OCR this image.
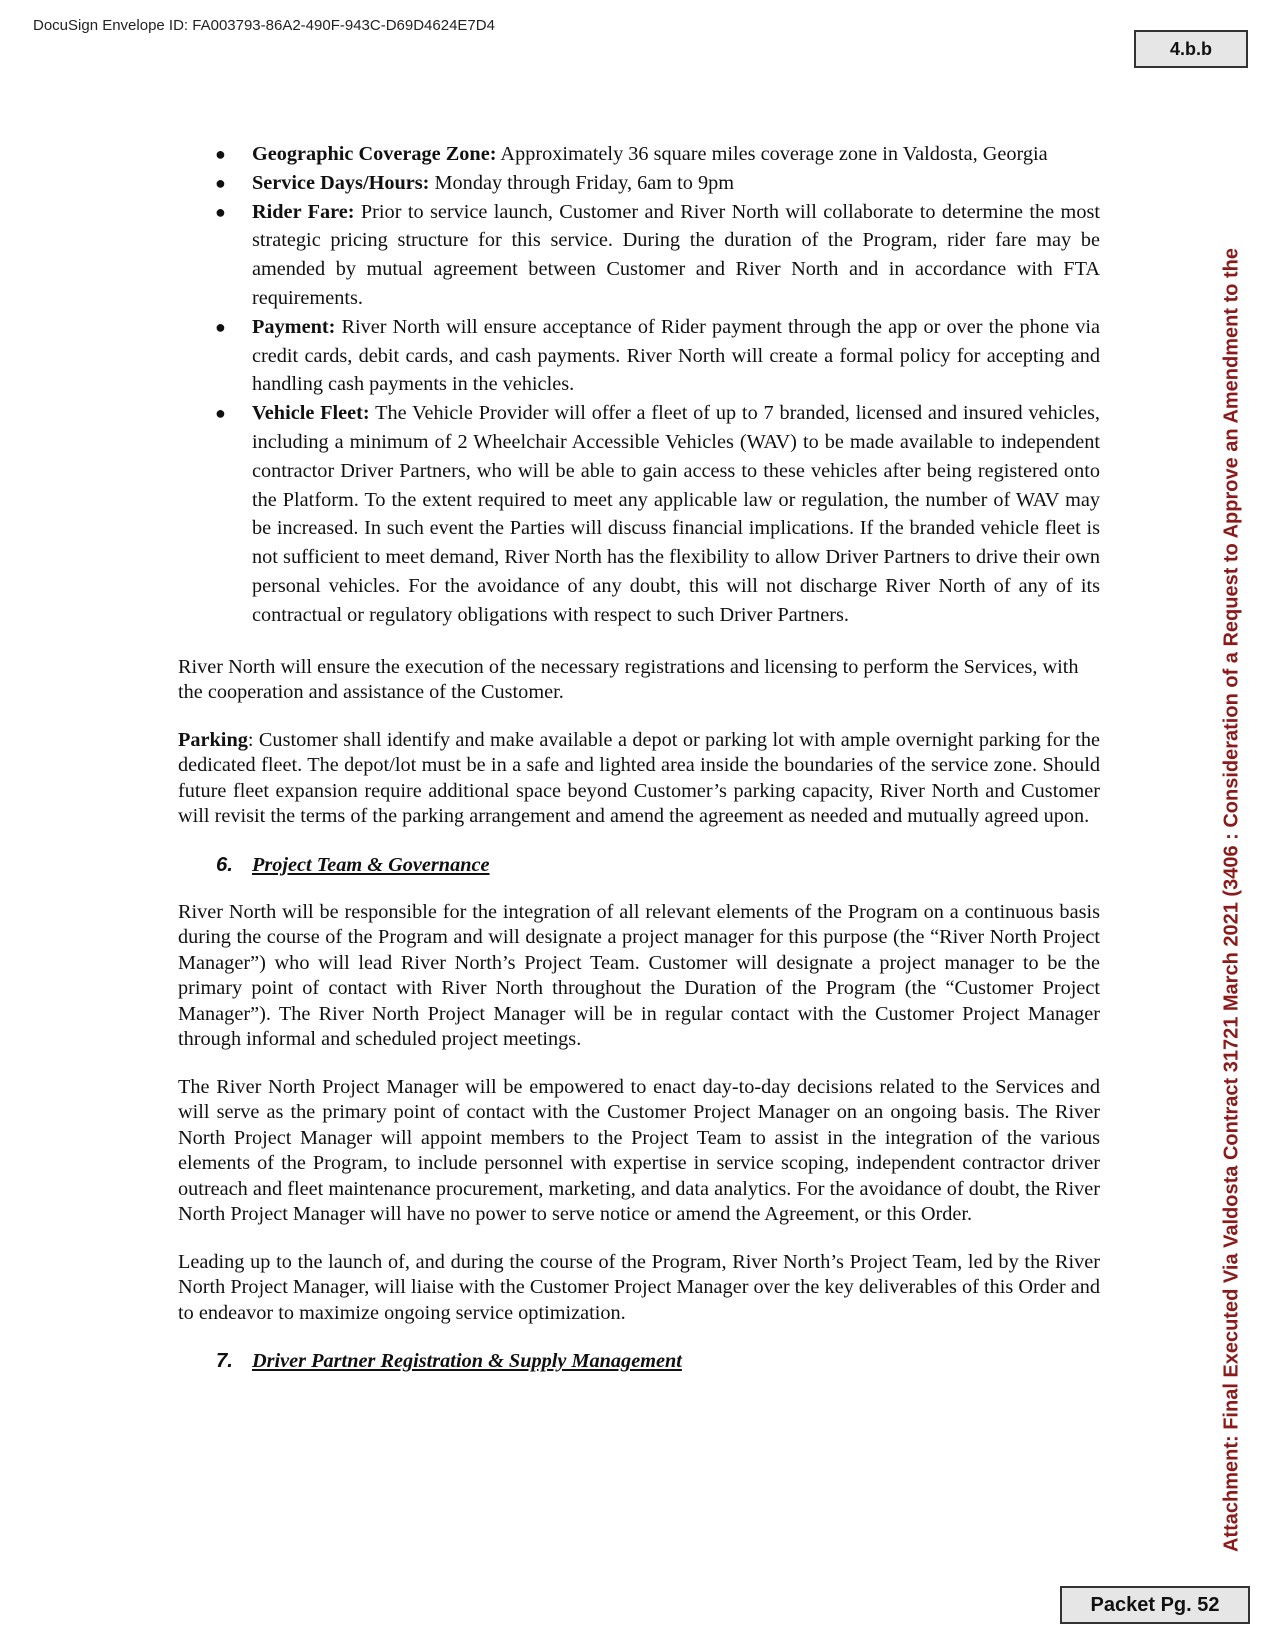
DocuSign Envelope ID: FA003793-86A2-490F-943C-D69D4624E7D4
4.b.b
Attachment: Final Executed Via Valdosta Contract 31721 March 2021 (3406 : Consideration of a Request to Approve an Amendment to the
● Geographic Coverage Zone: Approximately 36 square miles coverage zone in Valdosta, Georgia
● Service Days/Hours: Monday through Friday, 6am to 9pm
● Rider Fare: Prior to service launch, Customer and River North will collaborate to determine the most strategic pricing structure for this service. During the duration of the Program, rider fare may be amended by mutual agreement between Customer and River North and in accordance with FTA requirements.
● Payment: River North will ensure acceptance of Rider payment through the app or over the phone via credit cards, debit cards, and cash payments. River North will create a formal policy for accepting and handling cash payments in the vehicles.
● Vehicle Fleet: The Vehicle Provider will offer a fleet of up to 7 branded, licensed and insured vehicles, including a minimum of 2 Wheelchair Accessible Vehicles (WAV) to be made available to independent contractor Driver Partners, who will be able to gain access to these vehicles after being registered onto the Platform. To the extent required to meet any applicable law or regulation, the number of WAV may be increased. In such event the Parties will discuss financial implications. If the branded vehicle fleet is not sufficient to meet demand, River North has the flexibility to allow Driver Partners to drive their own personal vehicles. For the avoidance of any doubt, this will not discharge River North of any of its contractual or regulatory obligations with respect to such Driver Partners.

River North will ensure the execution of the necessary registrations and licensing to perform the Services, with the cooperation and assistance of the Customer.

Parking: Customer shall identify and make available a depot or parking lot with ample overnight parking for the dedicated fleet. The depot/lot must be in a safe and lighted area inside the boundaries of the service zone. Should future fleet expansion require additional space beyond Customer’s parking capacity, River North and Customer will revisit the terms of the parking arrangement and amend the agreement as needed and mutually agreed upon.

6. Project Team & Governance

River North will be responsible for the integration of all relevant elements of the Program on a continuous basis during the course of the Program and will designate a project manager for this purpose (the “River North Project Manager”) who will lead River North’s Project Team. Customer will designate a project manager to be the primary point of contact with River North throughout the Duration of the Program (the “Customer Project Manager”). The River North Project Manager will be in regular contact with the Customer Project Manager through informal and scheduled project meetings.

The River North Project Manager will be empowered to enact day-to-day decisions related to the Services and will serve as the primary point of contact with the Customer Project Manager on an ongoing basis. The River North Project Manager will appoint members to the Project Team to assist in the integration of the various elements of the Program, to include personnel with expertise in service scoping, independent contractor driver outreach and fleet maintenance procurement, marketing, and data analytics. For the avoidance of doubt, the River North Project Manager will have no power to serve notice or amend the Agreement, or this Order.

Leading up to the launch of, and during the course of the Program, River North’s Project Team, led by the River North Project Manager, will liaise with the Customer Project Manager over the key deliverables of this Order and to endeavor to maximize ongoing service optimization.

7. Driver Partner Registration & Supply Management
Packet Pg. 52
